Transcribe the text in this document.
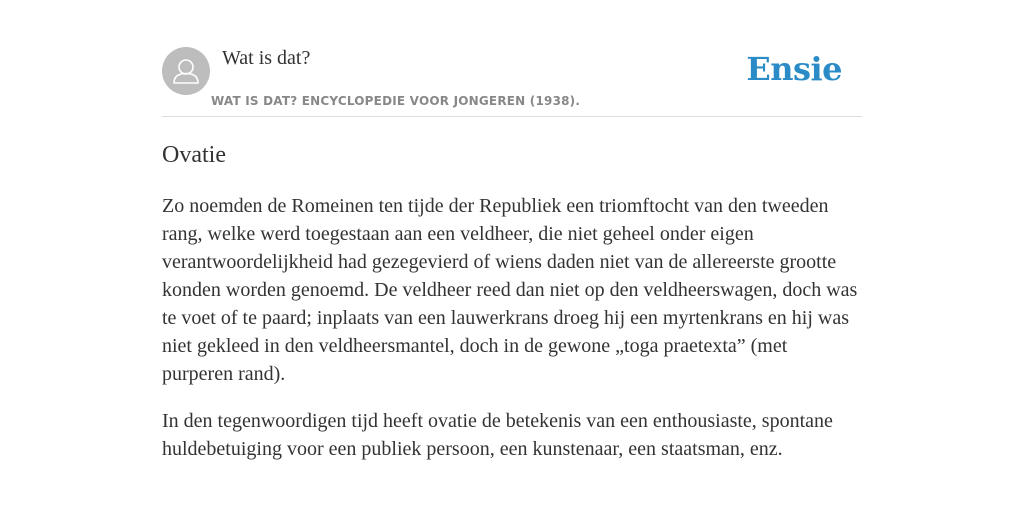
Wat is dat?
WAT IS DAT? ENCYCLOPEDIE VOOR JONGEREN (1938).
Ensie
Ovatie

Zo noemden de Romeinen ten tijde der Republiek een triomftocht van den tweeden rang, welke werd toegestaan aan een veldheer, die niet geheel onder eigen verantwoordelijkheid had gezegevierd of wiens daden niet van de allereerste grootte konden worden genoemd. De veldheer reed dan niet op den veldheerswagen, doch was te voet of te paard; inplaats van een lauwerkrans droeg hij een myrtenkrans en hij was niet gekleed in den veldheersmantel, doch in de gewone „toga praetexta” (met purperen rand).

In den tegenwoordigen tijd heeft ovatie de betekenis van een enthousiaste, spontane huldebetuiging voor een publiek persoon, een kunstenaar, een staatsman, enz.
